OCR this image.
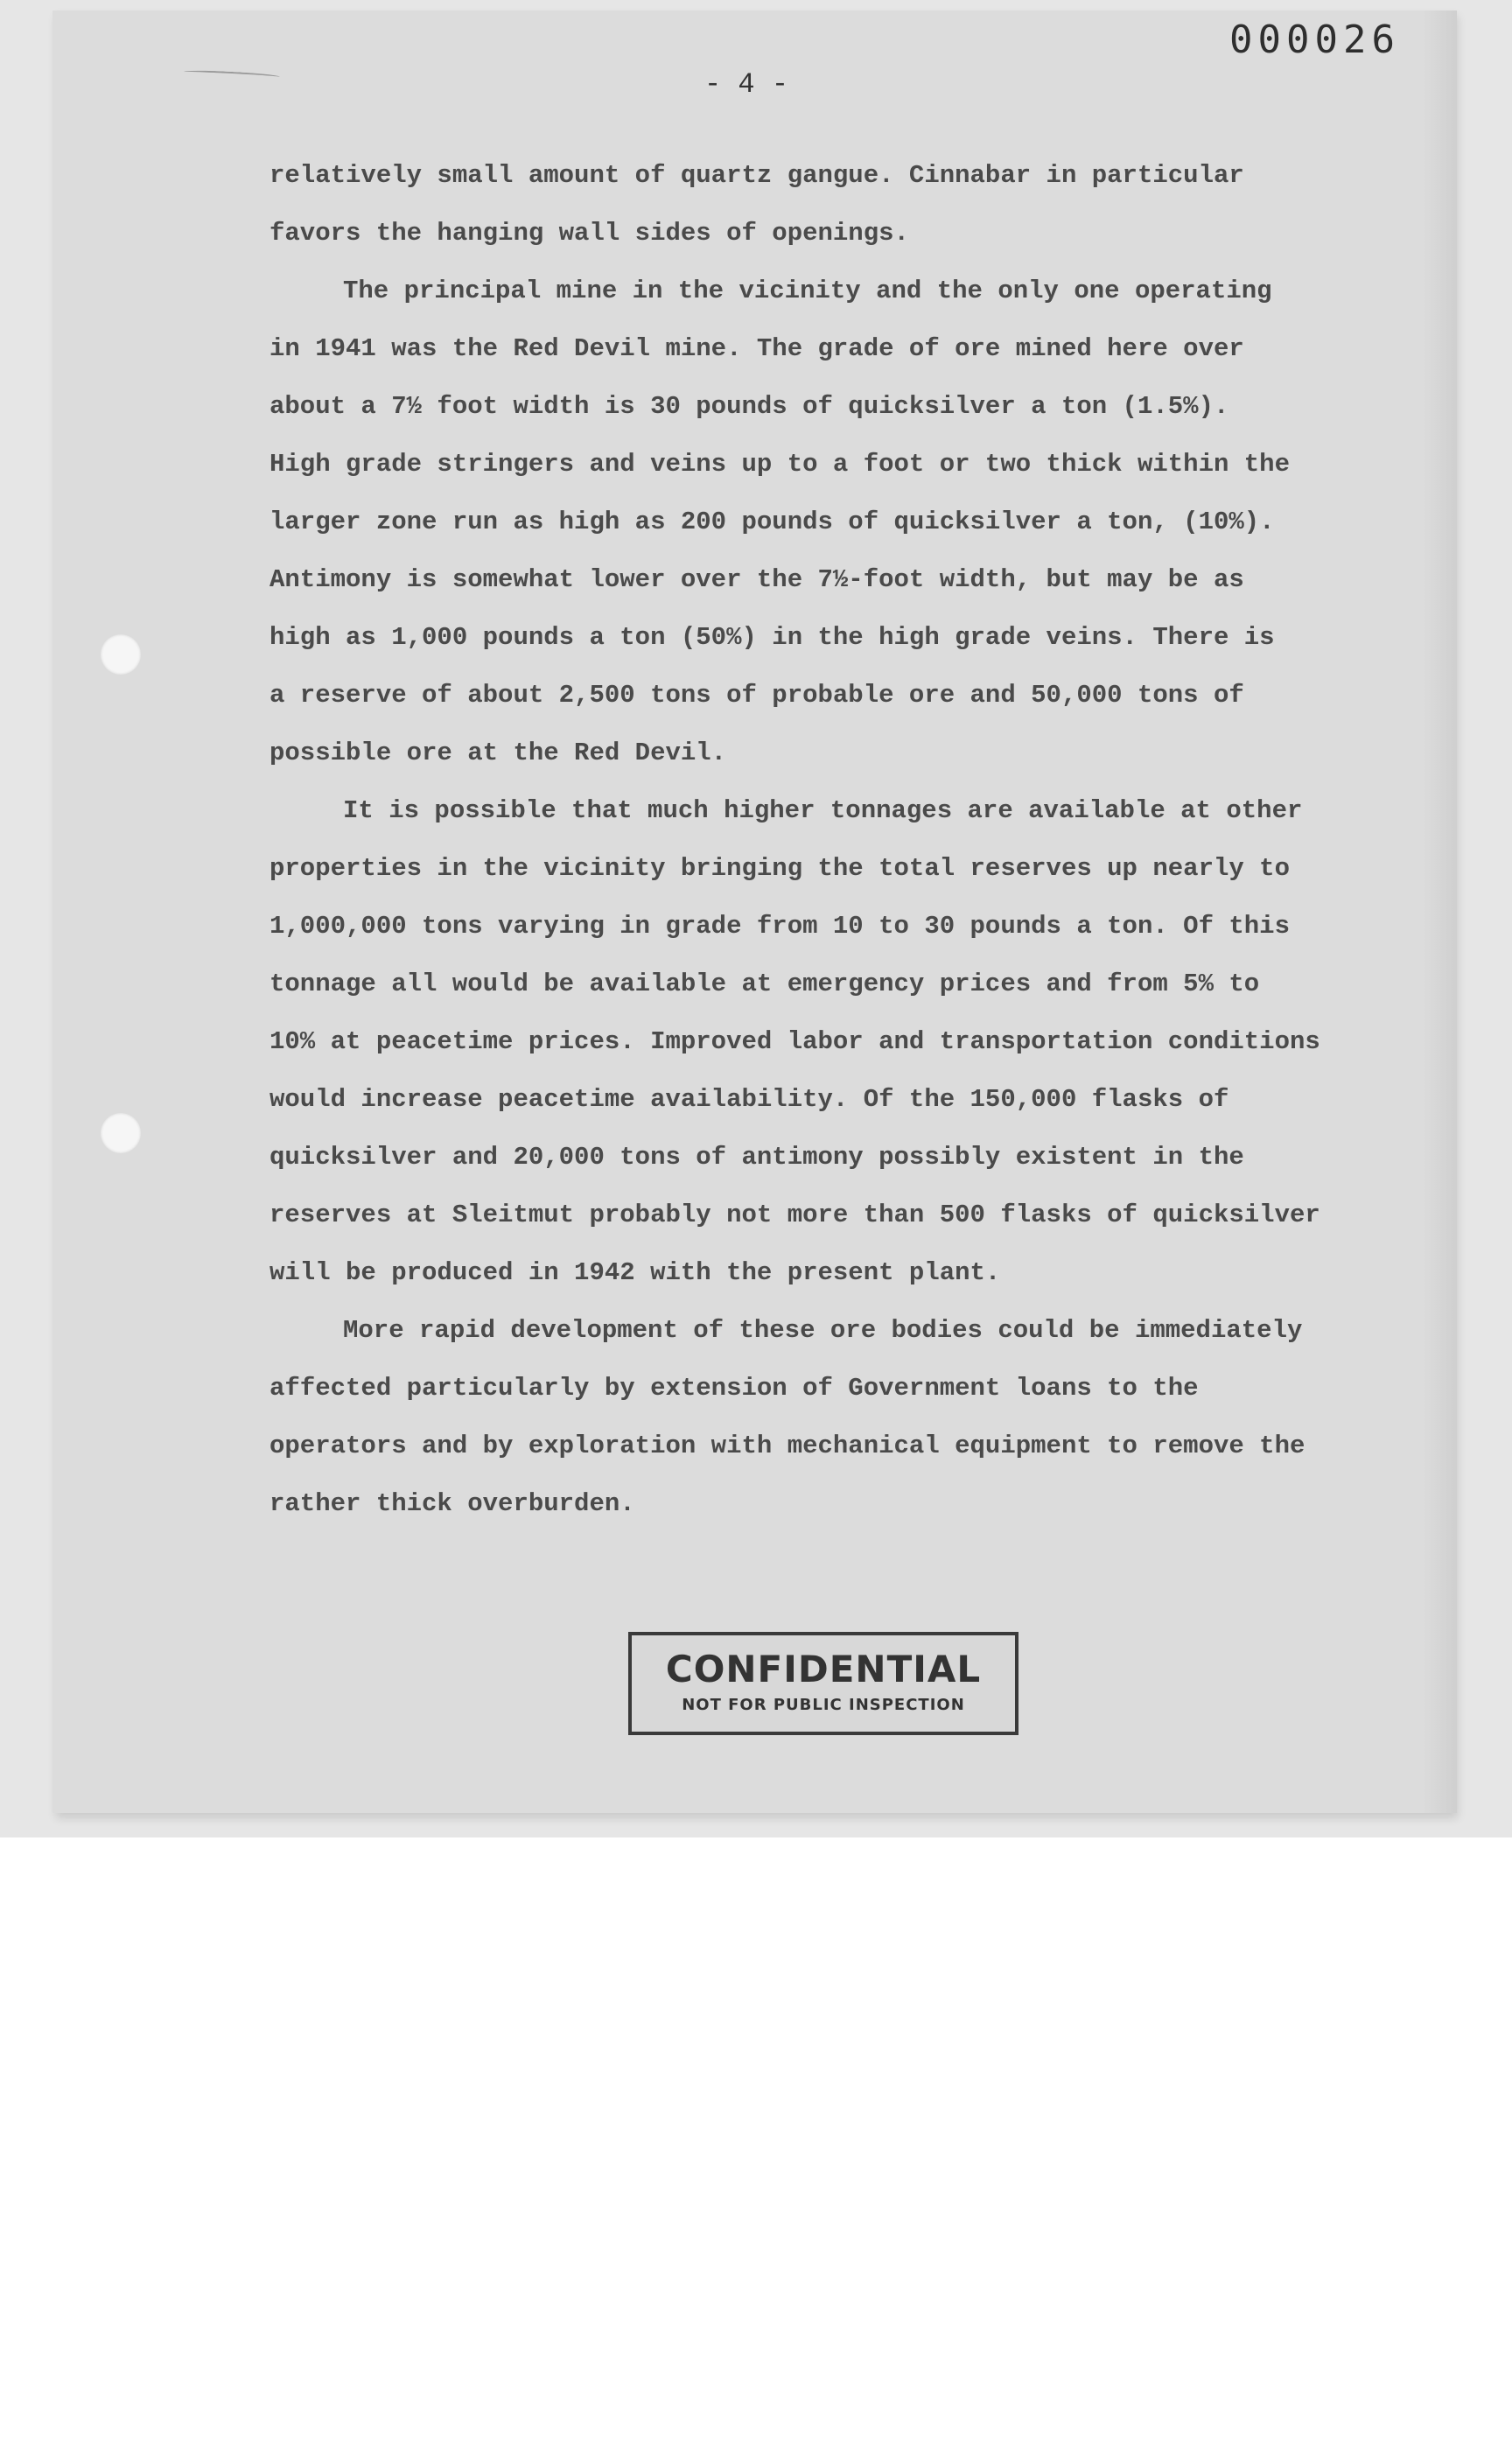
000026
- 4 -
relatively small amount of quartz gangue. Cinnabar in particular
favors the hanging wall sides of openings.
The principal mine in the vicinity and the only one operating
in 1941 was the Red Devil mine. The grade of ore mined here over
about a 7½ foot width is 30 pounds of quicksilver a ton (1.5%).
High grade stringers and veins up to a foot or two thick within the
larger zone run as high as 200 pounds of quicksilver a ton, (10%).
Antimony is somewhat lower over the 7½-foot width, but may be as
high as 1,000 pounds a ton (50%) in the high grade veins. There is
a reserve of about 2,500 tons of probable ore and 50,000 tons of
possible ore at the Red Devil.
It is possible that much higher tonnages are available at other
properties in the vicinity bringing the total reserves up nearly to
1,000,000 tons varying in grade from 10 to 30 pounds a ton. Of this
tonnage all would be available at emergency prices and from 5% to
10% at peacetime prices. Improved labor and transportation conditions
would increase peacetime availability. Of the 150,000 flasks of
quicksilver and 20,000 tons of antimony possibly existent in the
reserves at Sleitmut probably not more than 500 flasks of quicksilver
will be produced in 1942 with the present plant.
More rapid development of these ore bodies could be immediately
affected particularly by extension of Government loans to the
operators and by exploration with mechanical equipment to remove the
rather thick overburden.
CONFIDENTIAL
NOT FOR PUBLIC INSPECTION
